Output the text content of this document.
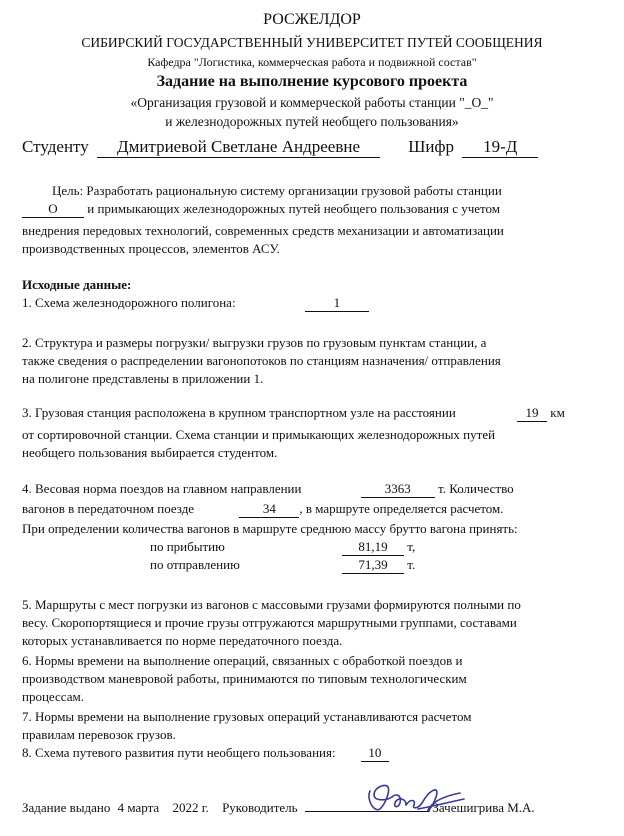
РОСЖЕЛДОР
СИБИРСКИЙ ГОСУДАРСТВЕННЫЙ УНИВЕРСИТЕТ ПУТЕЙ СООБЩЕНИЯ
Кафедра "Логистика, коммерческая работа и подвижной состав"
Задание на выполнение курсового проекта
«Организация грузовой и коммерческой работы станции "_О_"
и железнодорожных путей необщего пользования»
Студенту Дмитриевой Светлане Андреевне	Шифр 19-Д
Цель: Разработать рациональную систему организации грузовой работы станции
О и примыкающих железнодорожных путей необщего пользования с учетом
внедрения передовых технологий, современных средств механизации и автоматизации
производственных процессов, элементов АСУ.
Исходные данные:
1. Схема железнодорожного полигона:	1
2. Структура и размеры погрузки/ выгрузки грузов по грузовым пунктам станции, а
также сведения о распределении вагонопотоков по станциям назначения/ отправления
на полигоне представлены в приложении 1.
3. Грузовая станция расположена в крупном транспортном узле на расстоянии	19 км
от сортировочной станции. Схема станции и примыкающих железнодорожных путей
необщего пользования выбирается студентом.
4. Весовая норма поездов на главном направлении	3363 т. Количество
вагонов в передаточном поезде	34 , в маршруте определяется расчетом.
При определении количества вагонов в маршруте среднюю массу брутто вагона принять:
по прибытию	81,19 т,
по отправлению	71,39 т.
5. Маршруты с мест погрузки из вагонов с массовыми грузами формируются полными по
весу. Скоропортящиеся и прочие грузы отгружаются маршрутными группами, составами
которых устанавливается по норме передаточного поезда.
6. Нормы времени на выполнение операций, связанных с обработкой поездов и
производством маневровой работы, принимаются по типовым технологическим
процессам.
7. Нормы времени на выполнение грузовых операций устанавливаются расчетом
правилам перевозок грузов.
8. Схема путевого развития пути необщего пользования:	10
Задание выдано 4 марта 2022 г. Руководитель	/Зачешигрива М.А.
